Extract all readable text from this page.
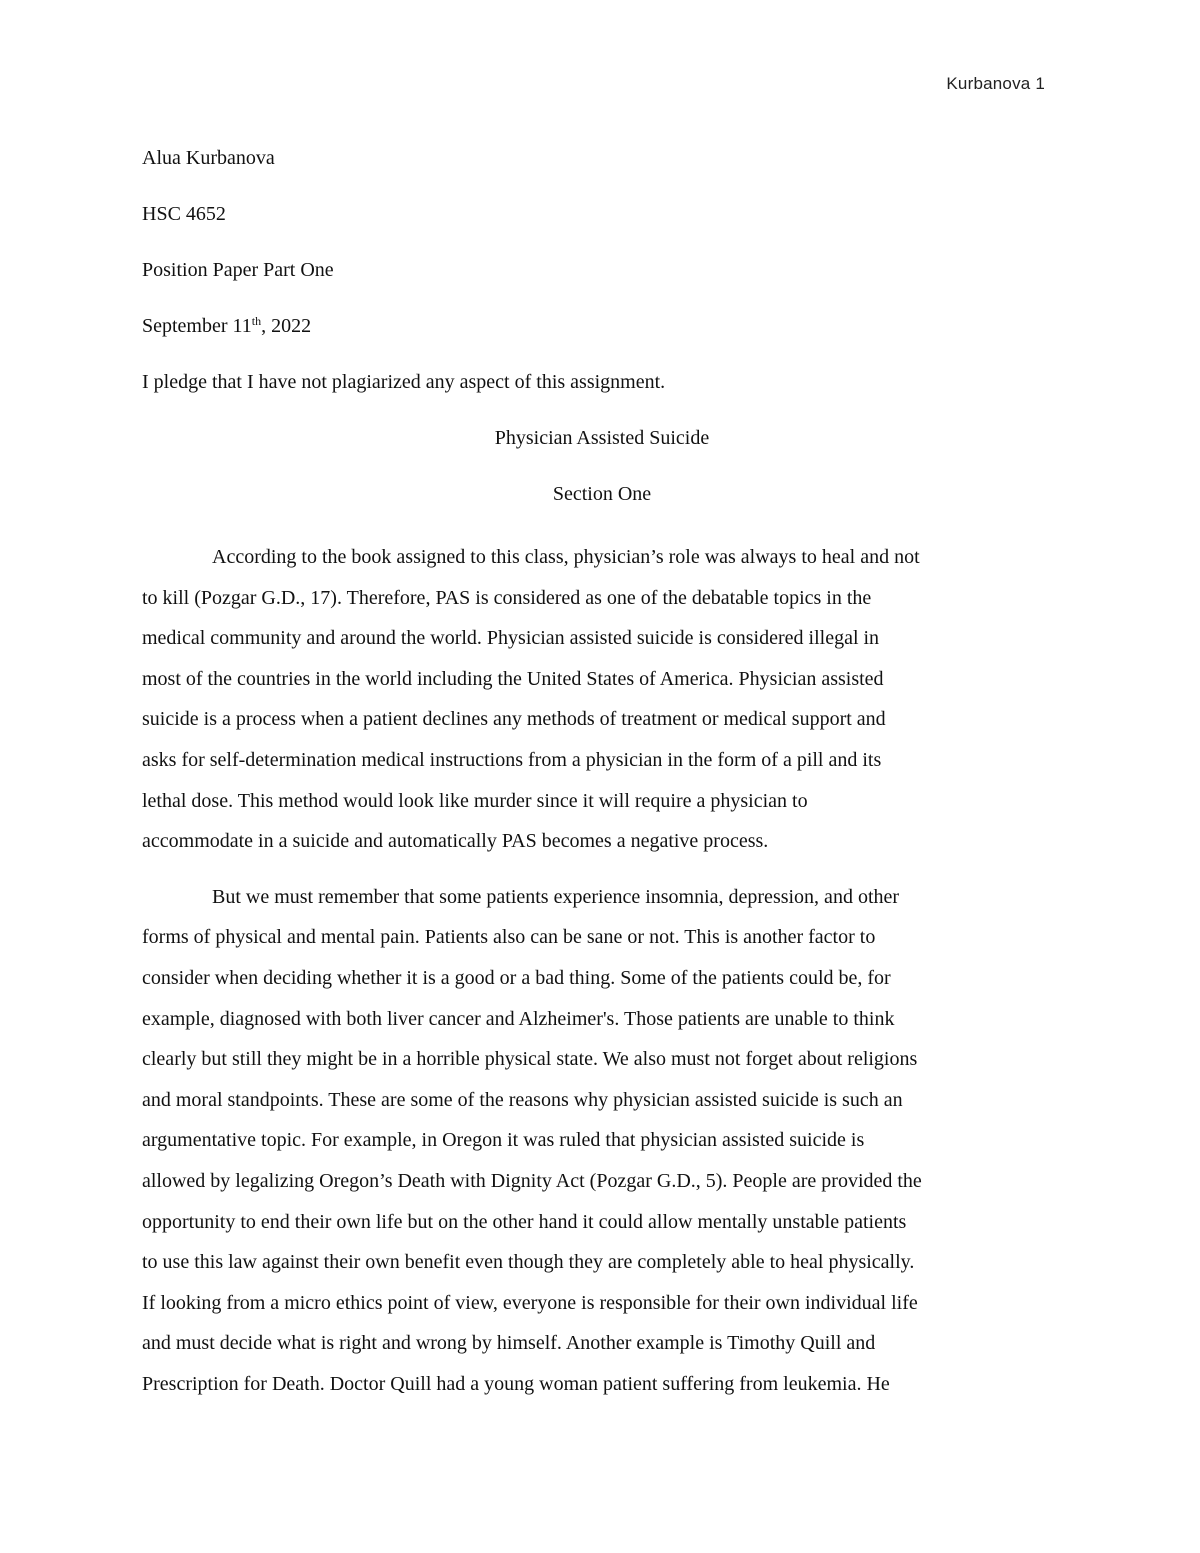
Kurbanova 1
Alua Kurbanova
HSC 4652
Position Paper Part One
September 11th, 2022
I pledge that I have not plagiarized any aspect of this assignment.
Physician Assisted Suicide
Section One
According to the book assigned to this class, physician’s role was always to heal and not
to kill (Pozgar G.D., 17). Therefore, PAS is considered as one of the debatable topics in the
medical community and around the world. Physician assisted suicide is considered illegal in
most of the countries in the world including the United States of America. Physician assisted
suicide is a process when a patient declines any methods of treatment or medical support and
asks for self-determination medical instructions from a physician in the form of a pill and its
lethal dose. This method would look like murder since it will require a physician to
accommodate in a suicide and automatically PAS becomes a negative process.
But we must remember that some patients experience insomnia, depression, and other
forms of physical and mental pain. Patients also can be sane or not. This is another factor to
consider when deciding whether it is a good or a bad thing. Some of the patients could be, for
example, diagnosed with both liver cancer and Alzheimer's. Those patients are unable to think
clearly but still they might be in a horrible physical state. We also must not forget about religions
and moral standpoints. These are some of the reasons why physician assisted suicide is such an
argumentative topic. For example, in Oregon it was ruled that physician assisted suicide is
allowed by legalizing Oregon’s Death with Dignity Act (Pozgar G.D., 5). People are provided the
opportunity to end their own life but on the other hand it could allow mentally unstable patients
to use this law against their own benefit even though they are completely able to heal physically.
If looking from a micro ethics point of view, everyone is responsible for their own individual life
and must decide what is right and wrong by himself. Another example is Timothy Quill and
Prescription for Death. Doctor Quill had a young woman patient suffering from leukemia. He
